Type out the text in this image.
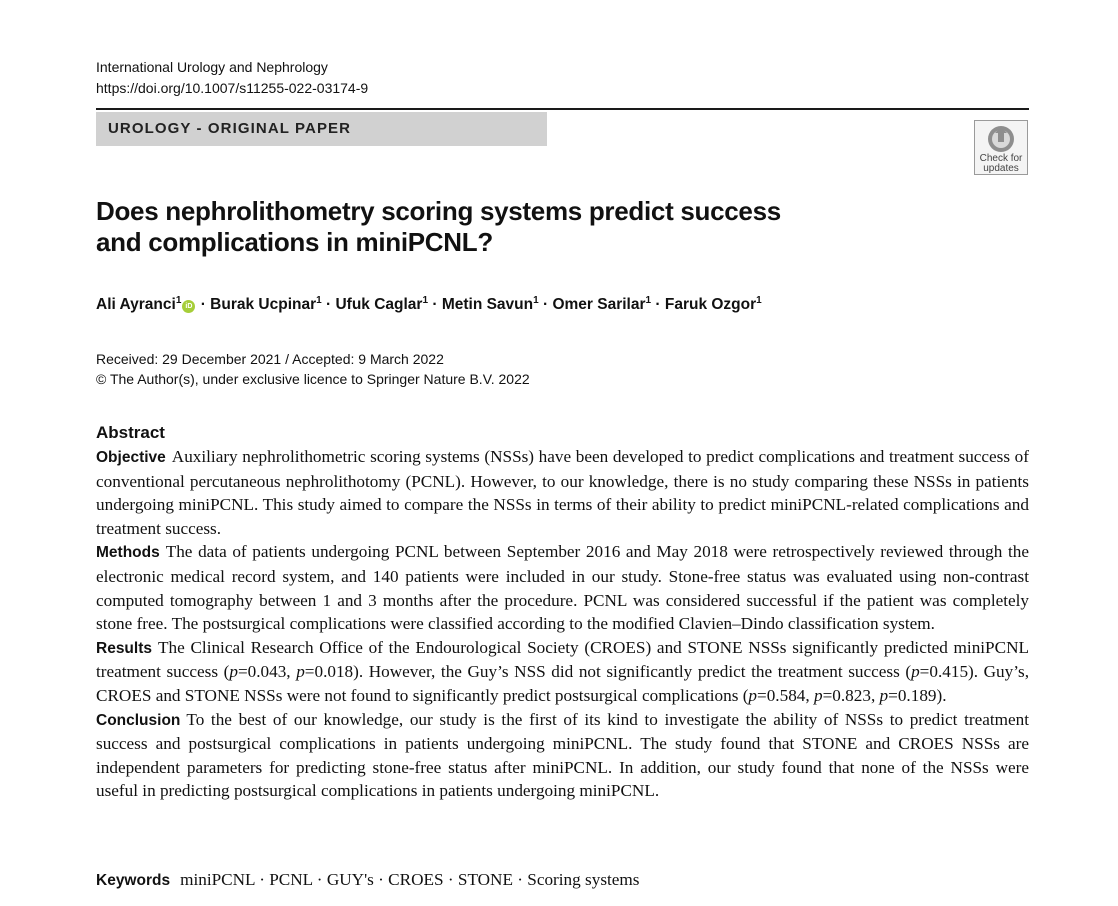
International Urology and Nephrology
https://doi.org/10.1007/s11255-022-03174-9
UROLOGY - ORIGINAL PAPER
Check for
updates
Does nephrolithometry scoring systems predict success
and complications in miniPCNL?
Ali Ayranci$^1$iD · Burak Ucpinar$^1$ · Ufuk Caglar$^1$ · Metin Savun$^1$ · Omer Sarilar$^1$ · Faruk Ozgor$^1$
Received: 29 December 2021 / Accepted: 9 March 2022
© The Author(s), under exclusive licence to Springer Nature B.V. 2022
Abstract

Objective Auxiliary nephrolithometric scoring systems (NSSs) have been developed to predict complications and treatment success of conventional percutaneous nephrolithotomy (PCNL). However, to our knowledge, there is no study comparing these NSSs in patients undergoing miniPCNL. This study aimed to compare the NSSs in terms of their ability to predict miniPCNL-related complications and treatment success.

Methods The data of patients undergoing PCNL between September 2016 and May 2018 were retrospectively reviewed through the electronic medical record system, and 140 patients were included in our study. Stone-free status was evaluated using non-contrast computed tomography between 1 and 3 months after the procedure. PCNL was considered successful if the patient was completely stone free. The postsurgical complications were classified according to the modified Clavien–Dindo classification system.

Results The Clinical Research Office of the Endourological Society (CROES) and STONE NSSs significantly predicted miniPCNL treatment success (p=0.043, p=0.018). However, the Guy’s NSS did not significantly predict the treatment success (p=0.415). Guy’s, CROES and STONE NSSs were not found to significantly predict postsurgical complications (p=0.584, p=0.823, p=0.189).

Conclusion To the best of our knowledge, our study is the first of its kind to investigate the ability of NSSs to predict treatment success and postsurgical complications in patients undergoing miniPCNL. The study found that STONE and CROES NSSs are independent parameters for predicting stone-free status after miniPCNL. In addition, our study found that none of the NSSs were useful in predicting postsurgical complications in patients undergoing miniPCNL.

Keywords miniPCNL · PCNL · GUY's · CROES · STONE · Scoring systems
